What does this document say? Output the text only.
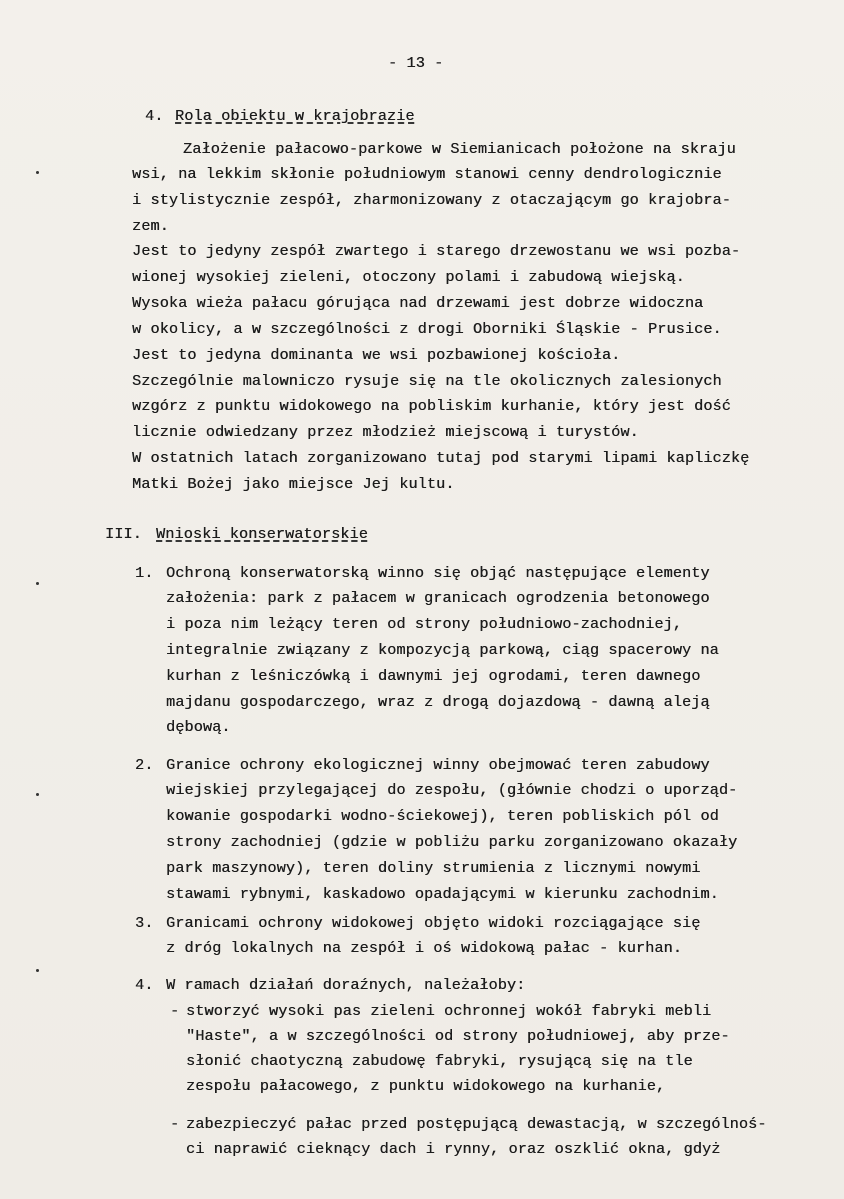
- 13 -
4. Rola obiektu w krajobrazie
Założenie pałacowo-parkowe w Siemianicach położone na skraju
wsi, na lekkim skłonie południowym stanowi cenny dendrologicznie
i stylistycznie zespół, zharmonizowany z otaczającym go krajobra-
zem.
Jest to jedyny zespół zwartego i starego drzewostanu we wsi pozba-
wionej wysokiej zieleni, otoczony polami i zabudową wiejską.
Wysoka wieża pałacu górująca nad drzewami jest dobrze widoczna
w okolicy, a w szczególności z drogi Oborniki Śląskie - Prusice.
Jest to jedyna dominanta we wsi pozbawionej kościoła.
Szczególnie malowniczo rysuje się na tle okolicznych zalesionych
wzgórz z punktu widokowego na pobliskim kurhanie, który jest dość
licznie odwiedzany przez młodzież miejscową i turystów.
W ostatnich latach zorganizowano tutaj pod starymi lipami kapliczkę
Matki Bożej jako miejsce Jej kultu.
III. Wnioski konserwatorskie
1. Ochroną konserwatorską winno się objąć następujące elementy
założenia: park z pałacem w granicach ogrodzenia betonowego
i poza nim leżący teren od strony południowo-zachodniej,
integralnie związany z kompozycją parkową, ciąg spacerowy na
kurhan z leśniczówką i dawnymi jej ogrodami, teren dawnego
majdanu gospodarczego, wraz z drogą dojazdową - dawną aleją
dębową.
2. Granice ochrony ekologicznej winny obejmować teren zabudowy
wiejskiej przylegającej do zespołu, (głównie chodzi o uporząd-
kowanie gospodarki wodno-ściekowej), teren pobliskich pól od
strony zachodniej (gdzie w pobliżu parku zorganizowano okazały
park maszynowy), teren doliny strumienia z licznymi nowymi
stawami rybnymi, kaskadowo opadającymi w kierunku zachodnim.
3. Granicami ochrony widokowej objęto widoki rozciągające się
z dróg lokalnych na zespół i oś widokową pałac - kurhan.
4. W ramach działań doraźnych, należałoby:
- stworzyć wysoki pas zieleni ochronnej wokół fabryki mebli
"Haste", a w szczególności od strony południowej, aby prze-
słonić chaotyczną zabudowę fabryki, rysującą się na tle
zespołu pałacowego, z punktu widokowego na kurhanie,
- zabezpieczyć pałac przed postępującą dewastacją, w szczególnoś-
ci naprawić cieknący dach i rynny, oraz oszklić okna, gdyż
